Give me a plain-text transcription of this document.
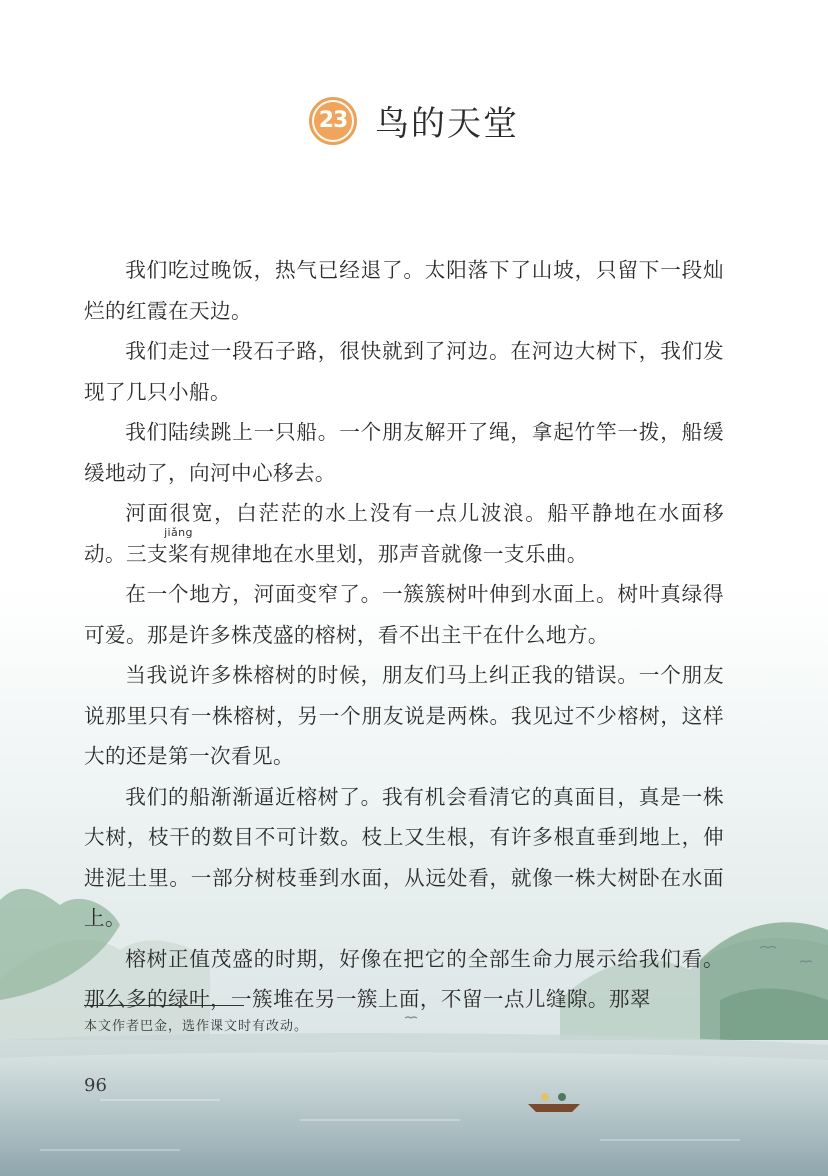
23 鸟的天堂

我们吃过晚饭，热气已经退了。太阳落下了山坡，只留下一段灿烂的红霞在天边。

我们走过一段石子路，很快就到了河边。在河边大树下，我们发现了几只小船。

我们陆续跳上一只船。一个朋友解开了绳，拿起竹竿一拨，船缓缓地动了，向河中心移去。

河面很宽，白茫茫的水上没有一点儿波浪。船平静地在水面移动。三支
jiǎng
桨有规律地在水里划，那声音就像一支乐曲。

在一个地方，河面变窄了。一簇簇树叶伸到水面上。树叶真绿得可爱。那是许多株茂盛的榕树，看不出主干在什么地方。

当我说许多株榕树的时候，朋友们马上纠正我的错误。一个朋友说那里只有一株榕树，另一个朋友说是两株。我见过不少榕树，这样大的还是第一次看见。

我们的船渐渐逼近榕树了。我有机会看清它的真面目，真是一株大树，枝干的数目不可计数。枝上又生根，有许多根直垂到地上，伸进泥土里。一部分树枝垂到水面，从远处看，就像一株大树卧在水面上。

榕树正值茂盛的时期，好像在把它的全部生命力展示给我们看。那么多的绿叶，一簇堆在另一簇上面，不留一点儿缝隙。那翠

本文作者巴金，选作课文时有改动。
96
